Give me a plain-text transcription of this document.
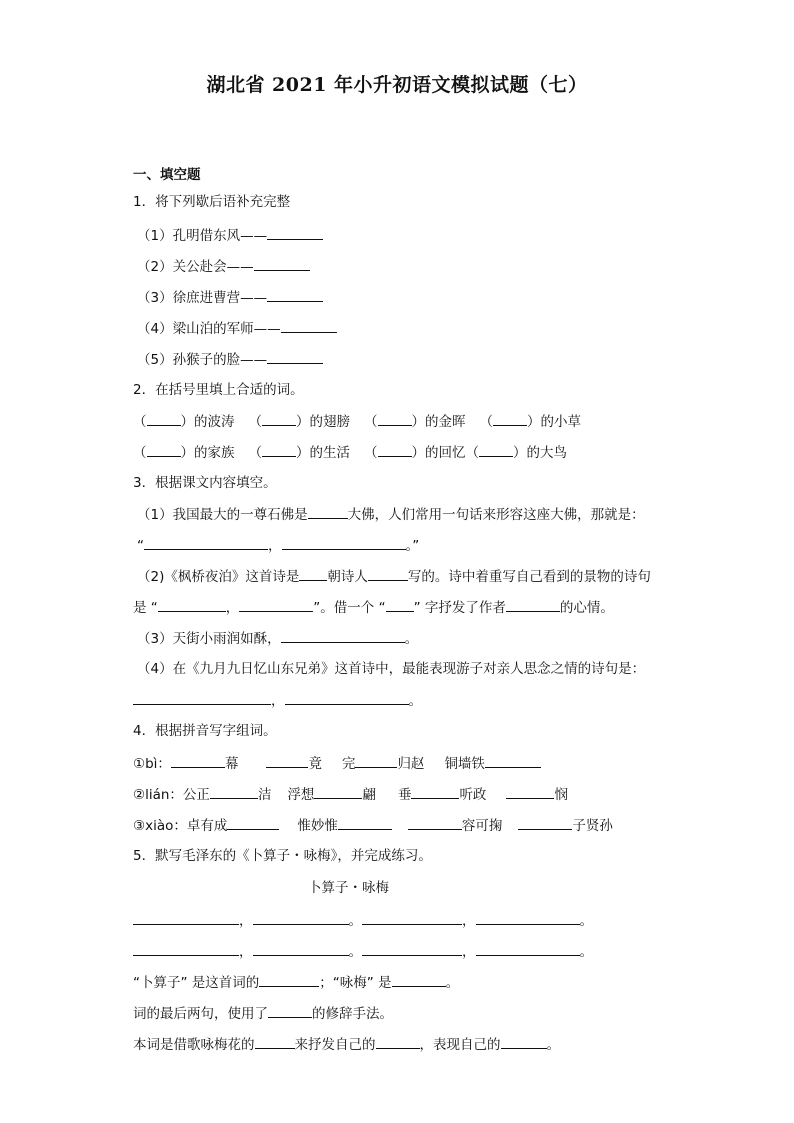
湖北省 2021 年小升初语文模拟试题（七）
一、填空题
1．将下列歇后语补充完整
（1）孔明借东风——
（2）关公赴会——
（3）徐庶进曹营——
（4）梁山泊的军师——
（5）孙猴子的脸——
2．在括号里填上合适的词。
（	）的波涛 （	）的翅膀 （	）的金晖 （	）的小草
（	）的家族 （	）的生活 （	）的回忆（	）的大鸟
3．根据课文内容填空。
（1）我国最大的一尊石佛是	大佛，人们常用一句话来形容这座大佛，那就是：
“	，	。”
（2)《枫桥夜泊》这首诗是 朝诗人	写的。诗中着重写自己看到的景物的诗句
是 “	，	”。借一个 “ ” 字抒发了作者	的心情。
（3）天街小雨润如酥，	。
（4）在《九月九日忆山东兄弟》这首诗中，最能表现游子对亲人思念之情的诗句是：
，	。
4．根据拼音写字组词。
①bì：	幕	竟 完	归赵 铜墙铁
②lián：公正	洁 浮想	翩 垂	听政	悯
③xiào：卓有成	惟妙惟	容可掬	子贤孙
5．默写毛泽东的《卜算子・咏梅》，并完成练习。
卜算子・咏梅
，	。	，	。
，	。	，	。
“卜算子” 是这首词的	；“咏梅” 是	。
词的最后两句，使用了	的修辞手法。
本词是借歌咏梅花的	来抒发自己的	，表现自己的	。
